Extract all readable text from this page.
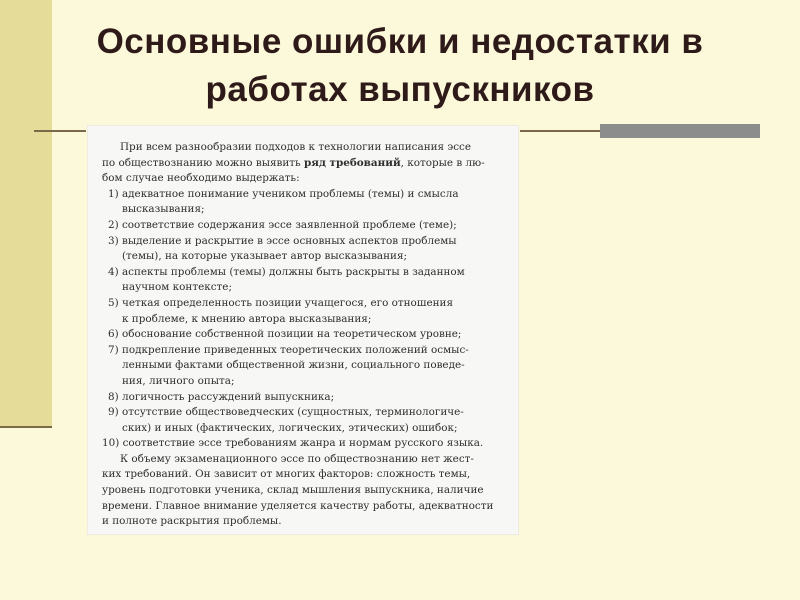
Основные ошибки и недостатки в
работах выпускников
При всем разнообразии подходов к технологии написания эссе
по обществознанию можно выявить ряд требований, которые в лю-
бом случае необходимо выдержать:
1) адекватное понимание учеником проблемы (темы) и смысла
высказывания;
2) соответствие содержания эссе заявленной проблеме (теме);
3) выделение и раскрытие в эссе основных аспектов проблемы
(темы), на которые указывает автор высказывания;
4) аспекты проблемы (темы) должны быть раскрыты в заданном
научном контексте;
5) четкая определенность позиции учащегося, его отношения
к проблеме, к мнению автора высказывания;
6) обоснование собственной позиции на теоретическом уровне;
7) подкрепление приведенных теоретических положений осмыс-
ленными фактами общественной жизни, социального поведе-
ния, личного опыта;
8) логичность рассуждений выпускника;
9) отсутствие обществоведческих (сущностных, терминологиче-
ских) и иных (фактических, логических, этических) ошибок;
10) соответствие эссе требованиям жанра и нормам русского языка.
К объему экзаменационного эссе по обществознанию нет жест-
ких требований. Он зависит от многих факторов: сложность темы,
уровень подготовки ученика, склад мышления выпускника, наличие
времени. Главное внимание уделяется качеству работы, адекватности
и полноте раскрытия проблемы.
